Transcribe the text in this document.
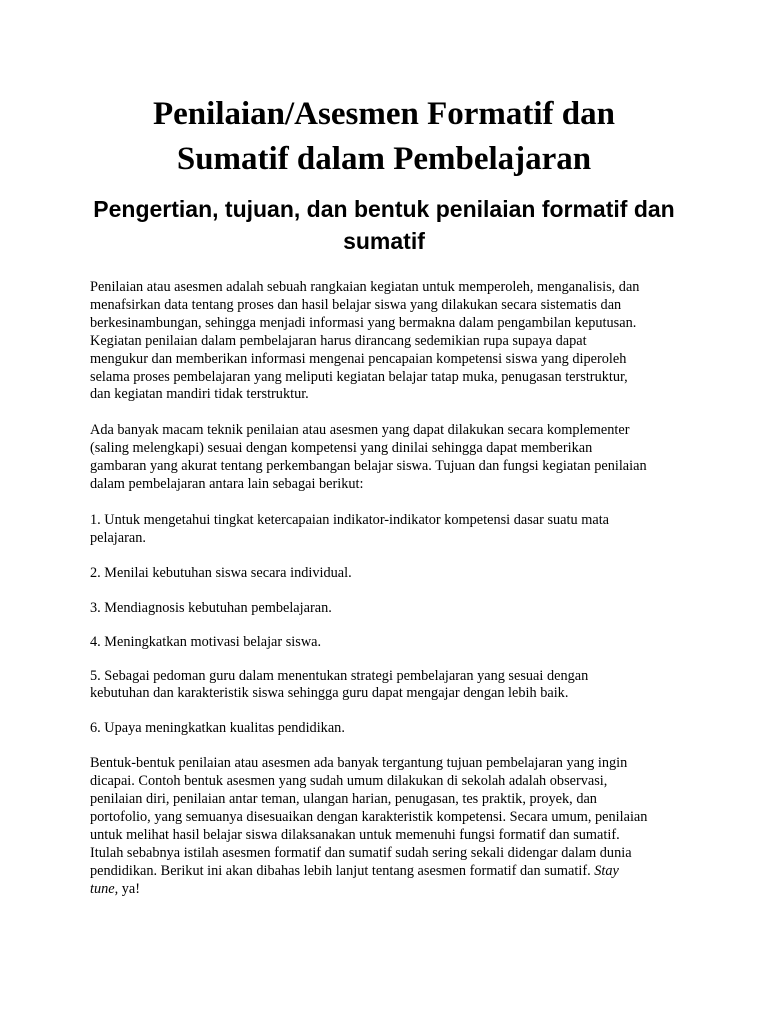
Penilaian/Asesmen Formatif dan
Sumatif dalam Pembelajaran
Pengertian, tujuan, dan bentuk penilaian formatif dan
sumatif

Penilaian atau asesmen adalah sebuah rangkaian kegiatan untuk memperoleh, menganalisis, dan
menafsirkan data tentang proses dan hasil belajar siswa yang dilakukan secara sistematis dan
berkesinambungan, sehingga menjadi informasi yang bermakna dalam pengambilan keputusan.
Kegiatan penilaian dalam pembelajaran harus dirancang sedemikian rupa supaya dapat
mengukur dan memberikan informasi mengenai pencapaian kompetensi siswa yang diperoleh
selama proses pembelajaran yang meliputi kegiatan belajar tatap muka, penugasan terstruktur,
dan kegiatan mandiri tidak terstruktur.

Ada banyak macam teknik penilaian atau asesmen yang dapat dilakukan secara komplementer
(saling melengkapi) sesuai dengan kompetensi yang dinilai sehingga dapat memberikan
gambaran yang akurat tentang perkembangan belajar siswa. Tujuan dan fungsi kegiatan penilaian
dalam pembelajaran antara lain sebagai berikut:

1. Untuk mengetahui tingkat ketercapaian indikator-indikator kompetensi dasar suatu mata
pelajaran.

2. Menilai kebutuhan siswa secara individual.

3. Mendiagnosis kebutuhan pembelajaran.

4. Meningkatkan motivasi belajar siswa.

5. Sebagai pedoman guru dalam menentukan strategi pembelajaran yang sesuai dengan
kebutuhan dan karakteristik siswa sehingga guru dapat mengajar dengan lebih baik.

6. Upaya meningkatkan kualitas pendidikan.

Bentuk-bentuk penilaian atau asesmen ada banyak tergantung tujuan pembelajaran yang ingin
dicapai. Contoh bentuk asesmen yang sudah umum dilakukan di sekolah adalah observasi,
penilaian diri, penilaian antar teman, ulangan harian, penugasan, tes praktik, proyek, dan
portofolio, yang semuanya disesuaikan dengan karakteristik kompetensi. Secara umum, penilaian
untuk melihat hasil belajar siswa dilaksanakan untuk memenuhi fungsi formatif dan sumatif.
Itulah sebabnya istilah asesmen formatif dan sumatif sudah sering sekali didengar dalam dunia
pendidikan. Berikut ini akan dibahas lebih lanjut tentang asesmen formatif dan sumatif. Stay
tune, ya!
